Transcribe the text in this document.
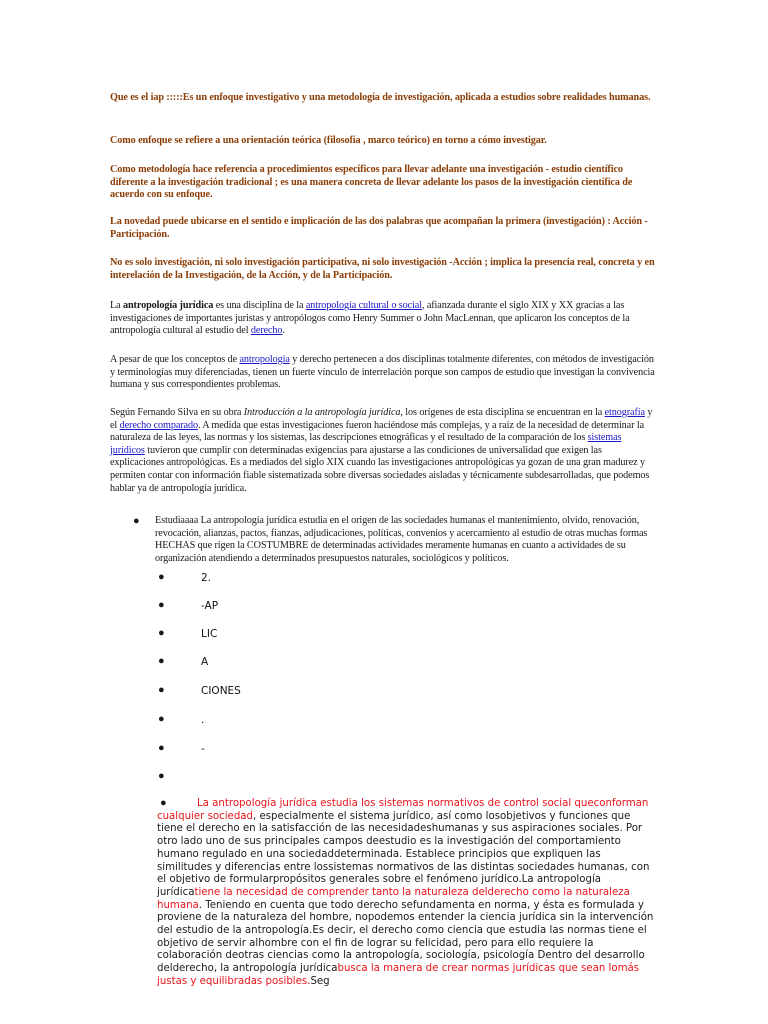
Que es el iap :::::Es un enfoque investigativo y una metodología de investigación, aplicada a estudios sobre realidades humanas.
Como enfoque se refiere a una orientación teórica (filosofía , marco teórico) en torno a cómo investigar.
Como metodología hace referencia a procedimientos específicos para llevar adelante una investigación - estudio científico diferente a la investigación tradicional ; es una manera concreta de llevar adelante los pasos de la investigación científica de acuerdo con su enfoque.
La novedad puede ubicarse en el sentido e implicación de las dos palabras que acompañan la primera (investigación) : Acción - Participación.
No es solo investigación, ni solo investigación participativa, ni solo investigación -Acción ; implica la presencia real, concreta y en interelación de la Investigación, de la Acción, y de la Participación.
La antropología jurídica es una disciplina de la antropología cultural o social, afianzada durante el siglo XIX y XX gracias a las investigaciones de importantes juristas y antropólogos como Henry Summer o John MacLennan, que aplicaron los conceptos de la antropología cultural al estudio del derecho.
A pesar de que los conceptos de antropología y derecho pertenecen a dos disciplinas totalmente diferentes, con métodos de investigación y terminologías muy diferenciadas, tienen un fuerte vínculo de interrelación porque son campos de estudio que investigan la convivencia humana y sus correspondientes problemas.
Según Fernando Silva en su obra Introducción a la antropología jurídica, los orígenes de esta disciplina se encuentran en la etnografía y el derecho comparado. A medida que estas investigaciones fueron haciéndose más complejas, y a raíz de la necesidad de determinar la naturaleza de las leyes, las normas y los sistemas, las descripciones etnográficas y el resultado de la comparación de los sistemas jurídicos tuvieron que cumplir con determinadas exigencias para ajustarse a las condiciones de universalidad que exigen las explicaciones antropológicas. Es a mediados del siglo XIX cuando las investigaciones antropológicas ya gozan de una gran madurez y permiten contar con información fiable sistematizada sobre diversas sociedades aisladas y técnicamente subdesarrolladas, que podemos hablar ya de antropología jurídica.
● Estudiaaaa La antropología jurídica estudia en el origen de las sociedades humanas el mantenimiento, olvido, renovación, revocación, alianzas, pactos, fianzas, adjudicaciones, políticas, convenios y acercamiento al estudio de otras muchas formas HECHAS que rigen la COSTUMBRE de determinadas actividades meramente humanas en cuanto a actividades de su organización atendiendo a determinados presupuestos naturales, sociológicos y políticos.
●	2.
●	-AP
●	LIC
●	A
●	CIONES
●	.
●	-
●
●	La antropología jurídica estudia los sistemas normativos de control social queconforman cualquier sociedad, especialmente el sistema jurídico, así como losobjetivos y funciones que tiene el derecho en la satisfacción de las necesidadeshumanas y sus aspiraciones sociales. Por otro lado uno de sus principales campos deestudio es la investigación del comportamiento humano regulado en una sociedaddeterminada. Establece principios que expliquen las similitudes y diferencias entre lossistemas normativos de las distintas sociedades humanas, con el objetivo de formularpropósitos generales sobre el fenómeno jurídico.La antropología jurídicatiene la necesidad de comprender tanto la naturaleza delderecho como la naturaleza humana. Teniendo en cuenta que todo derecho sefundamenta en norma, y ésta es formulada y proviene de la naturaleza del hombre, nopodemos entender la ciencia jurídica sin la intervención del estudio de la antropología.Es decir, el derecho como ciencia que estudia las normas tiene el objetivo de servir alhombre con el fin de lograr su felicidad, pero para ello requiere la colaboración deotras ciencias como la antropología, sociología, psicología Dentro del desarrollo delderecho, la antropología jurídicabusca la manera de crear normas jurídicas que sean lomás justas y equilibradas posibles.Seg
